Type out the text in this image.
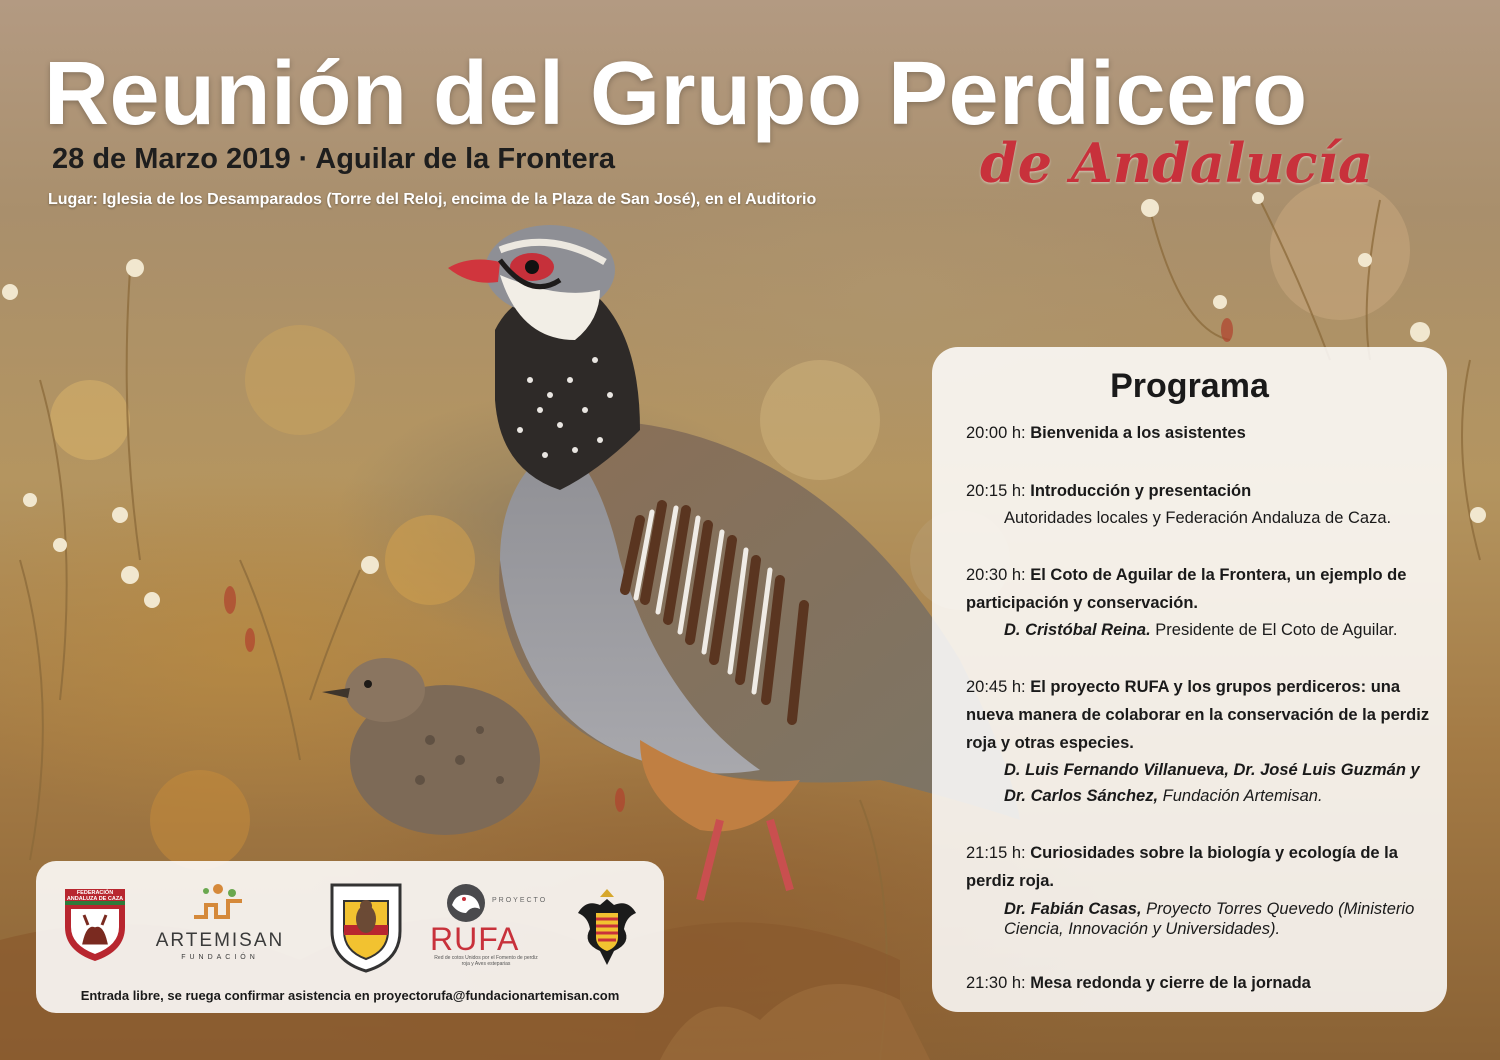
Reunión del Grupo Perdicero
28 de Marzo 2019 · Aguilar de la Frontera	de Andalucía
Lugar: Iglesia de los Desamparados (Torre del Reloj, encima de la Plaza de San José), en el Auditorio
Programa
20:00 h: Bienvenida a los asistentes
20:15 h: Introducción y presentación
Autoridades locales y Federación Andaluza de Caza.
20:30 h: El Coto de Aguilar de la Frontera, un ejemplo de participación y conservación.
D. Cristóbal Reina. Presidente de El Coto de Aguilar.
20:45 h: El proyecto RUFA y los grupos perdiceros: una nueva manera de colaborar en la conservación de la perdiz roja y otras especies.
D. Luis Fernando Villanueva, Dr. José Luis Guzmán y Dr. Carlos Sánchez, Fundación Artemisan.
21:15 h: Curiosidades sobre la biología y ecología de la perdiz roja.
Dr. Fabián Casas, Proyecto Torres Quevedo (Ministerio Ciencia, Innovación y Universidades).
21:30 h: Mesa redonda y cierre de la jornada
FEDERACIÓN
ANDALUZA DE CAZA
ARTEMISAN
FUNDACIÓN
PROYECTO
RUFA
Red de cotos Unidos por el Fomento de perdiz roja y Aves esteparias
Entrada libre, se ruega confirmar asistencia en proyectorufa@fundacionartemisan.com
